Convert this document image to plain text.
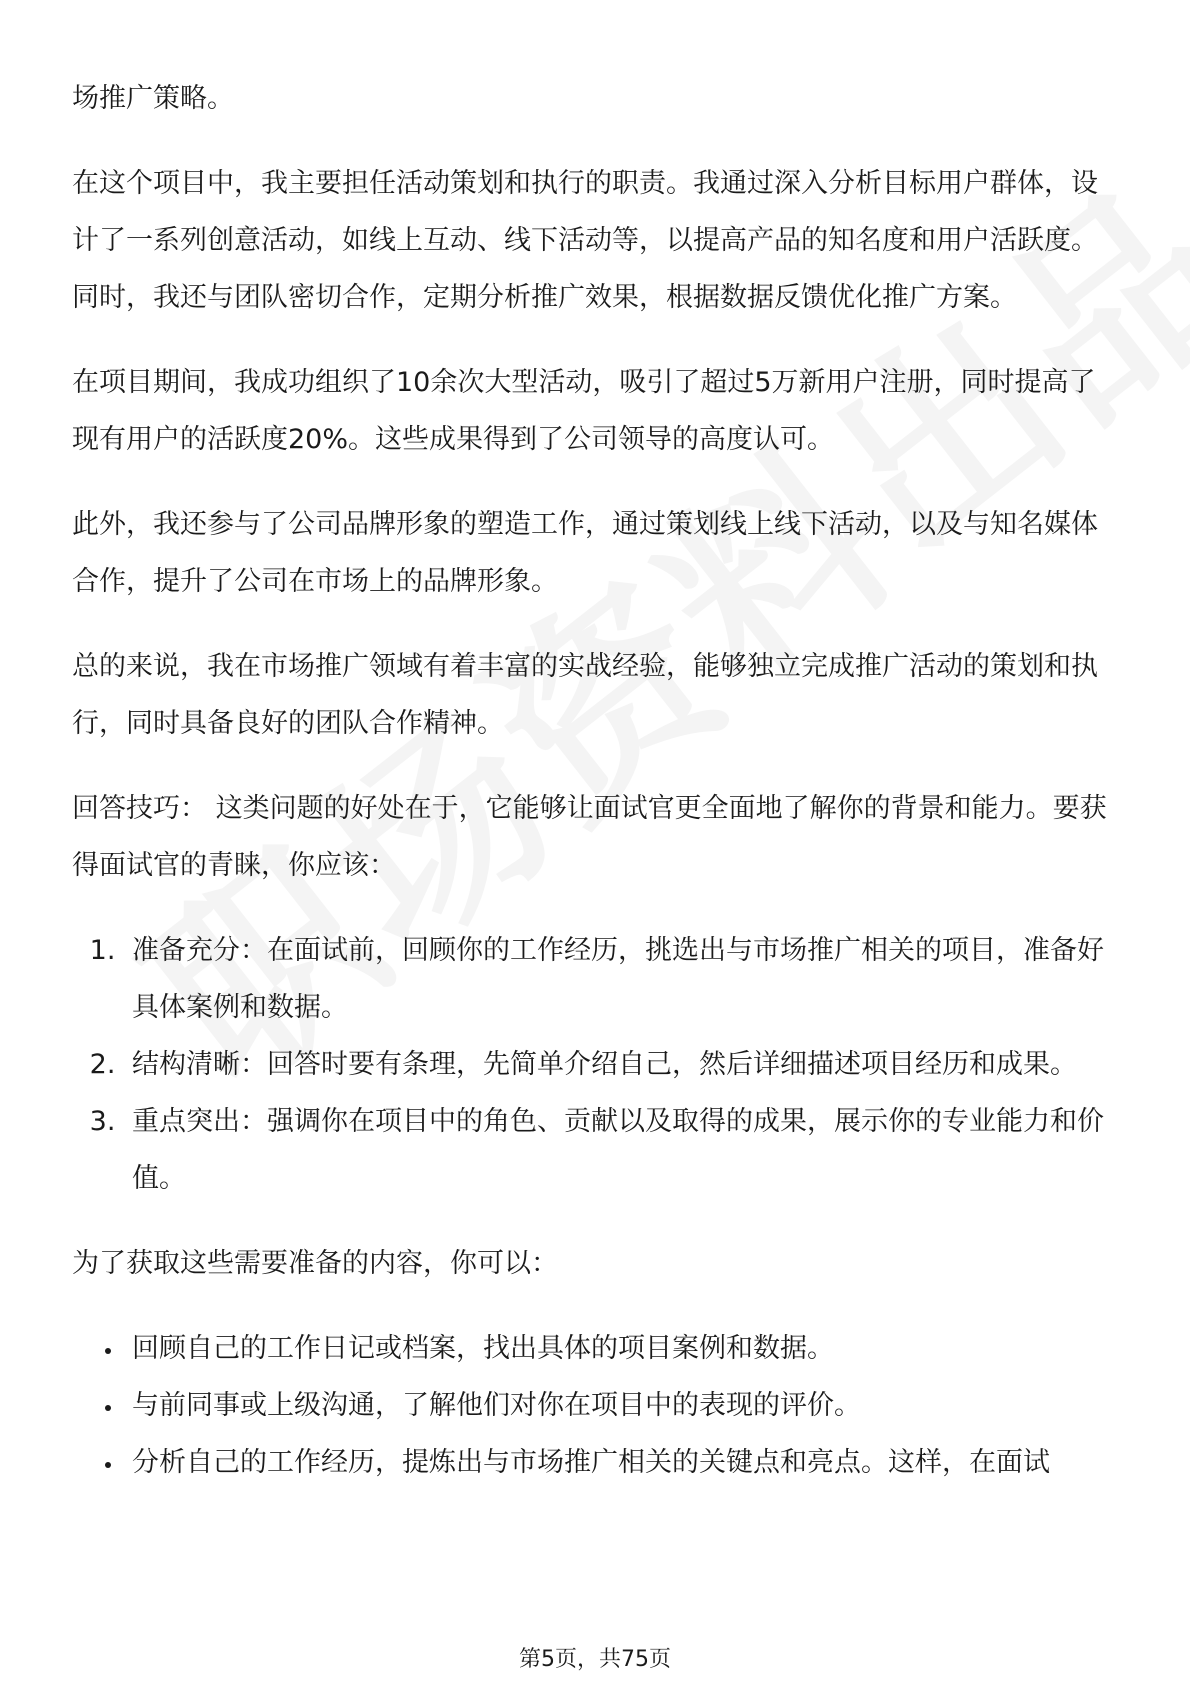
场推广策略。

在这个项目中，我主要担任活动策划和执行的职责。我通过深入分析目标用户群体，设计了一系列创意活动，如线上互动、线下活动等，以提高产品的知名度和用户活跃度。同时，我还与团队密切合作，定期分析推广效果，根据数据反馈优化推广方案。

在项目期间，我成功组织了10余次大型活动，吸引了超过5万新用户注册，同时提高了现有用户的活跃度20%。这些成果得到了公司领导的高度认可。

此外，我还参与了公司品牌形象的塑造工作，通过策划线上线下活动，以及与知名媒体合作，提升了公司在市场上的品牌形象。

总的来说，我在市场推广领域有着丰富的实战经验，能够独立完成推广活动的策划和执行，同时具备良好的团队合作精神。

回答技巧： 这类问题的好处在于，它能够让面试官更全面地了解你的背景和能力。要获得面试官的青睐，你应该：

1. 准备充分：在面试前，回顾你的工作经历，挑选出与市场推广相关的项目，准备好具体案例和数据。
2. 结构清晰：回答时要有条理，先简单介绍自己，然后详细描述项目经历和成果。
3. 重点突出：强调你在项目中的角色、贡献以及取得的成果，展示你的专业能力和价值。

为了获取这些需要准备的内容，你可以：

• 回顾自己的工作日记或档案，找出具体的项目案例和数据。
• 与前同事或上级沟通，了解他们对你在项目中的表现的评价。
• 分析自己的工作经历，提炼出与市场推广相关的关键点和亮点。这样，在面试
第5页，共75页
